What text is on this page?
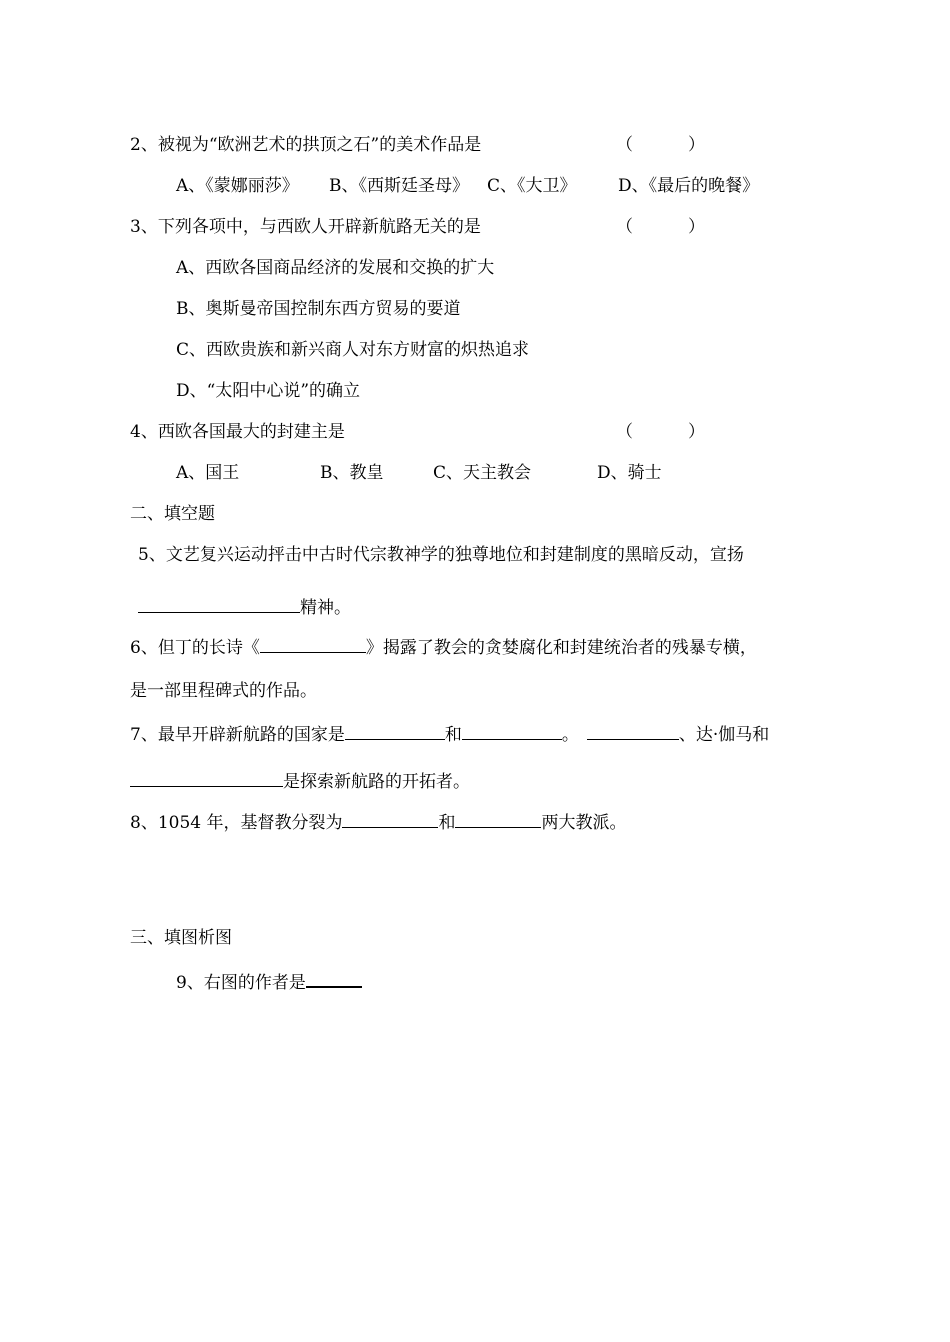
2、被视为“欧洲艺术的拱顶之石”的美术作品是	（	）
A、《蒙娜丽莎》 B、《西斯廷圣母》 C、《大卫》 D、《最后的晚餐》
3、下列各项中，与西欧人开辟新航路无关的是	（	）
A、西欧各国商品经济的发展和交换的扩大
B、奥斯曼帝国控制东西方贸易的要道
C、西欧贵族和新兴商人对东方财富的炽热追求
D、“太阳中心说”的确立
4、西欧各国最大的封建主是	（	）
A、国王	B、教皇	C、天主教会	D、骑士
二、填空题
5、文艺复兴运动抨击中古时代宗教神学的独尊地位和封建制度的黑暗反动，宣扬
精神。
6、但丁的长诗《	》揭露了教会的贪婪腐化和封建统治者的残暴专横，
是一部里程碑式的作品。
7、最早开辟新航路的国家是	和	。	、达·伽马和
是探索新航路的开拓者。
8、1054 年，基督教分裂为	和	两大教派。
三、填图析图
9、右图的作者是
